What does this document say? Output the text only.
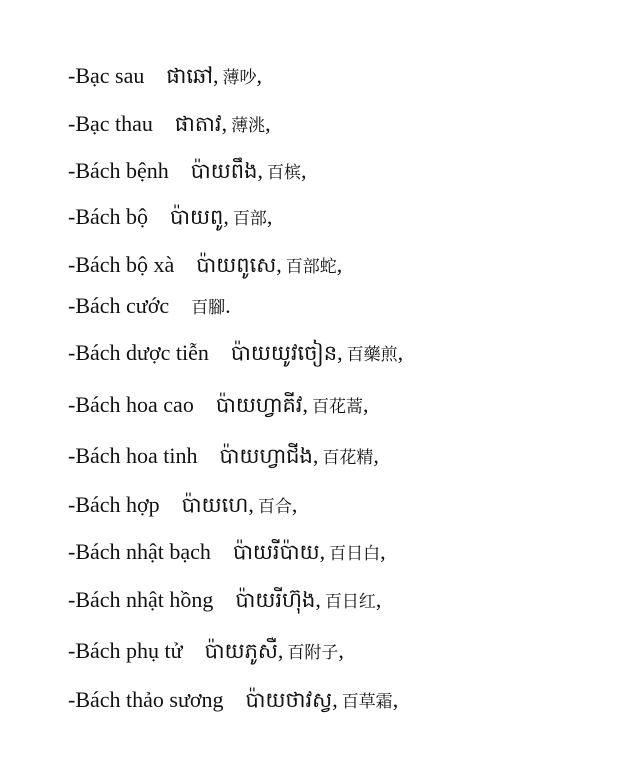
-Bạc sau ផាឆៅ, 薄吵,
-Bạc thau ផាតាវ, 薄洮,
-Bách bệnh ប៉ាយពឹង, 百槟,
-Bách bộ ប៉ាយពូ, 百部,
-Bách bộ xà ប៉ាយពូសេ, 百部蛇,
-Bách cước 百腳.
-Bách dược tiễn ប៉ាយយូវចៀន, 百藥煎,
-Bách hoa cao ប៉ាយហ្វាគីវ, 百花蒿,
-Bách hoa tinh ប៉ាយហ្វាជីង, 百花精,
-Bách hợp ប៉ាយហេ, 百合,
-Bách nhật bạch ប៉ាយរីប៉ាយ, 百日白,
-Bách nhật hồng ប៉ាយរីហ៊ុង, 百日红,
-Bách phụ tử ប៉ាយភូសឺ, 百附子,
-Bách thảo sương ប៉ាយថាវស្វ, 百草霜,
